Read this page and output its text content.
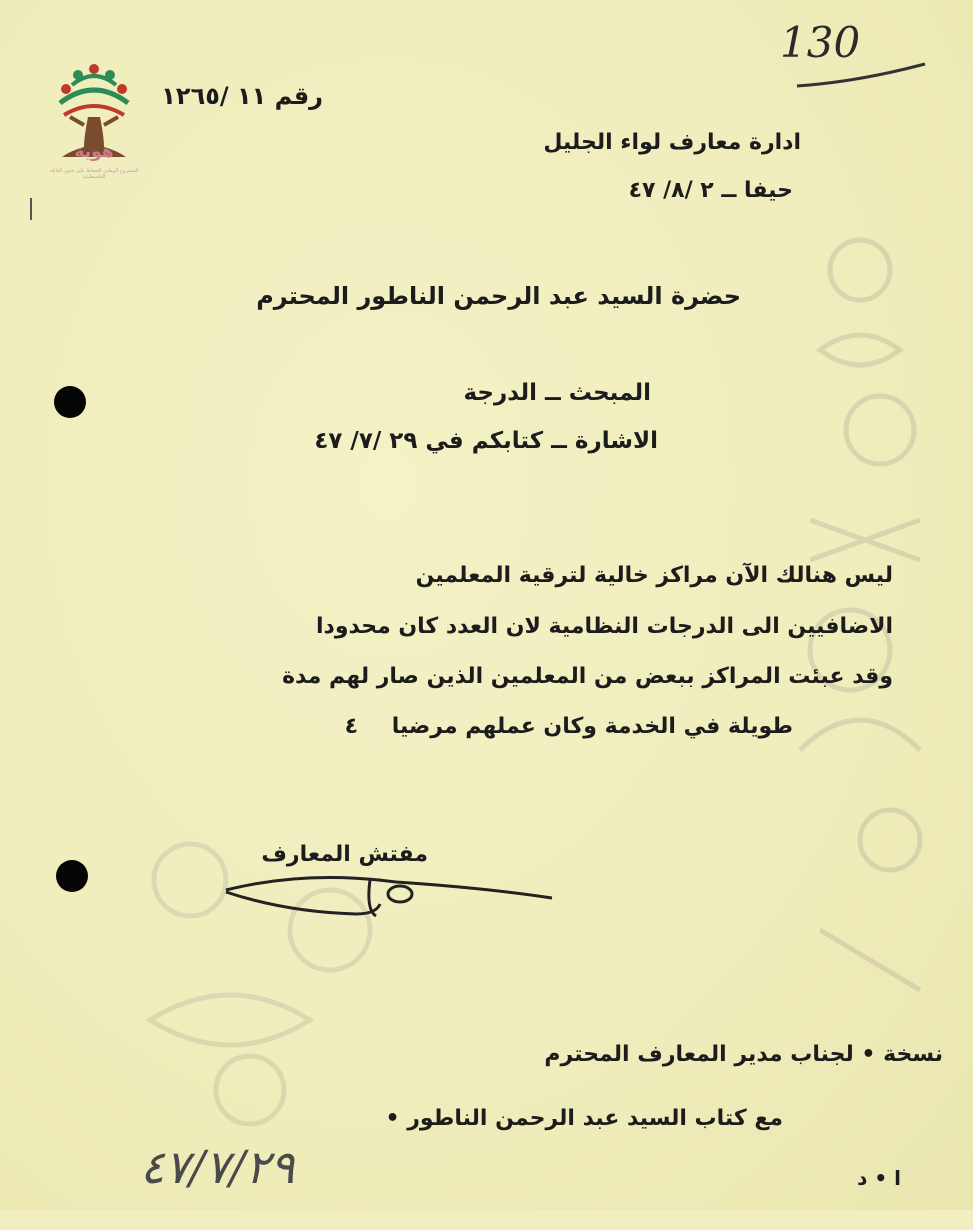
هوية
المشروع الوطني للحفاظ على جذور العائلة الفلسطينية
130
رقم ١١ /١٢٦٥
ادارة معارف لواء الجليل
حيفا ــ ٢ /٨/ ٤٧
حضرة السيد عبد الرحمن الناطور المحترم
المبحث ــ الدرجة
الاشارة ــ كتابكم في ٢٩ /٧/ ٤٧
ليس هنالك الآن مراكز خالية لترقية المعلمين
الاضافيين الى الدرجات النظامية لان العدد كان محدودا
وقد عبئت المراكز ببعض من المعلمين الذين صار لهم مدة
طويلة في الخدمة وكان عملهم مرضيا
٤
مفتش المعارف
نسخة • لجناب مدير المعارف المحترم
مع كتاب السيد عبد الرحمن الناطور •
ا • د
٤٧/٧/٢٩
